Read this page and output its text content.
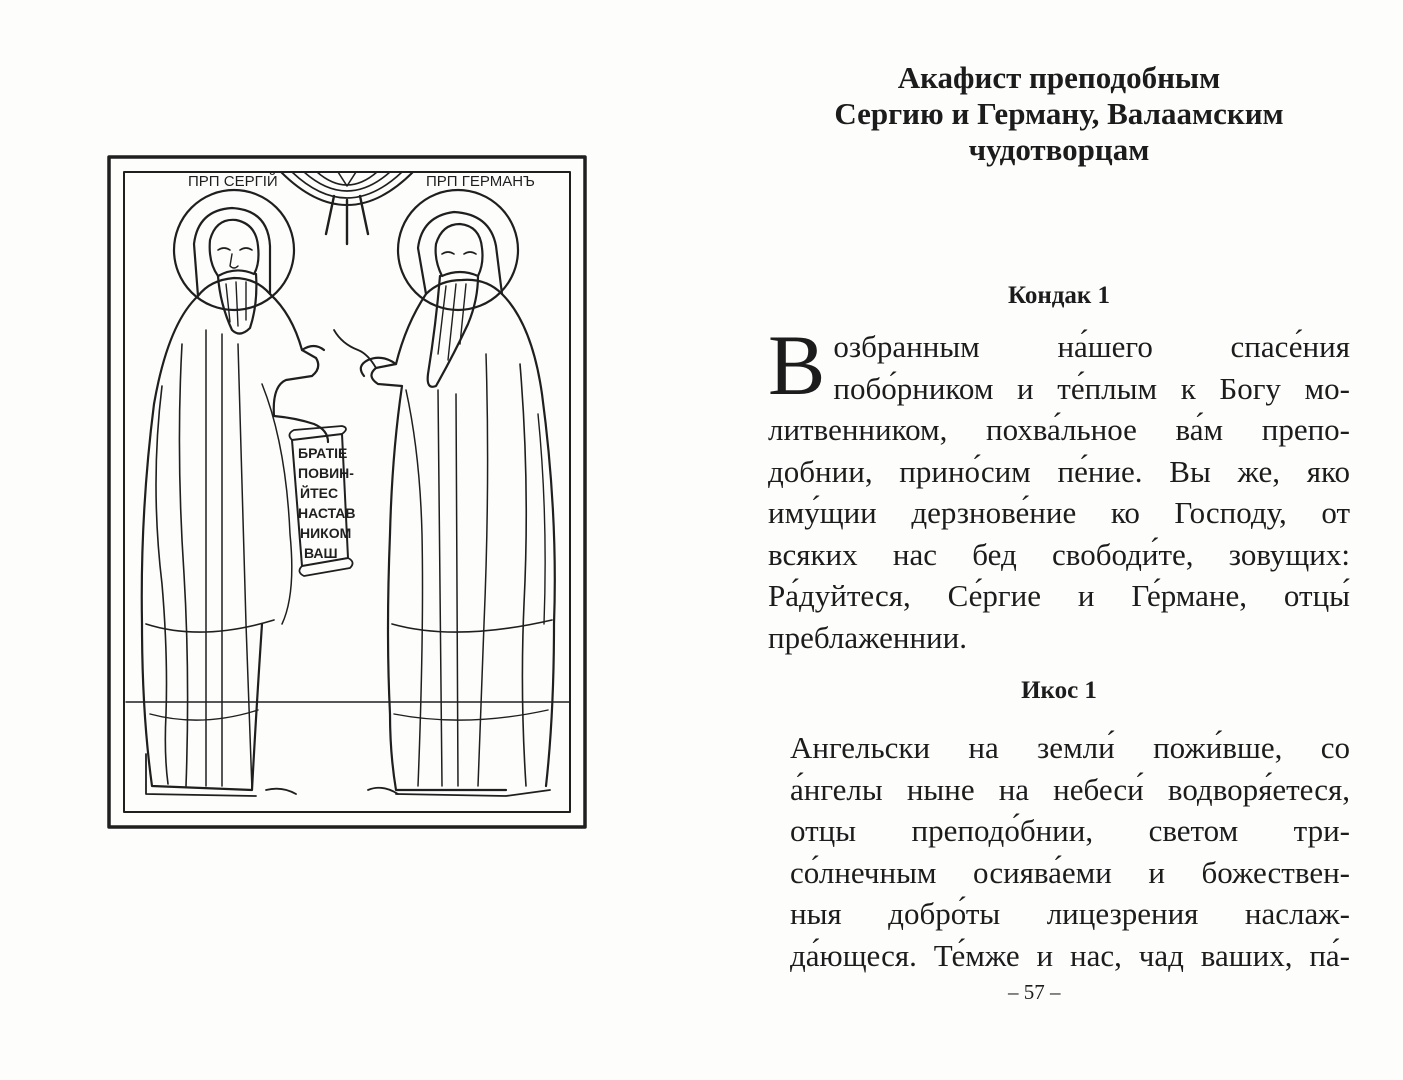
ПРП СЕРГІЙ	ПРП ГЕРМАНЪ
БРАТІЕ
ПОВИН-
ЙТЕС
НАСТАВ
НИКОМ
ВАШ
Акафист преподобным
Сергию и Герману, Валаамским
чудотворцам
Кондак 1
В озбранным на́шего спасе́ния
побо́рником и те́плым к Богу мо-
литвенником, похва́льное ва́м препо-
добнии, прино́сим пе́ние. Вы же, яко
иму́щии дерзнове́ние ко Господу, от
всяких нас бед свободи́те, зовущих:
Ра́дуйтеся, Се́ргие и Ге́рмане, отцы́
преблаженнии.
Икос 1
Ангельски на земли́ пожи́вше, со
а́нгелы ныне на небеси́ водворя́етеся,
отцы преподо́бнии, светом три-
со́лнечным осиява́еми и божествен-
ныя добро́ты лицезрения наслаж-
да́ющеся. Те́мже и нас, чад ваших, па́-
– 57 –
